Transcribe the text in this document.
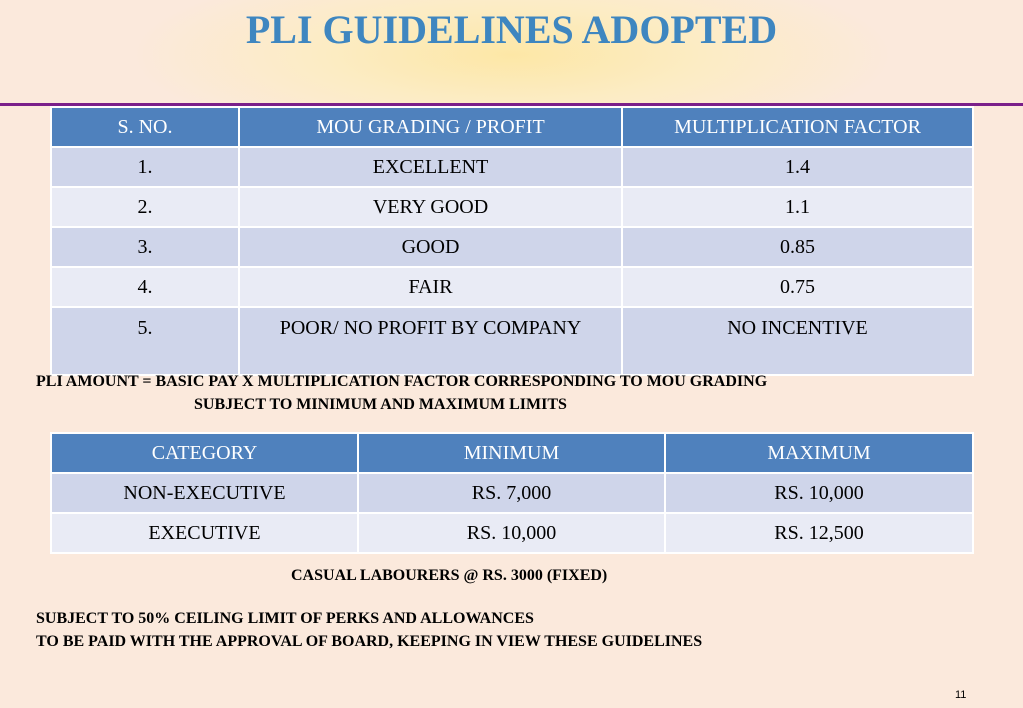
PLI GUIDELINES ADOPTED
S. NO.	MOU GRADING / PROFIT	MULTIPLICATION FACTOR
1.	EXCELLENT	1.4
2.	VERY GOOD	1.1
3.	GOOD	0.85
4.	FAIR	0.75
5.	POOR/ NO PROFIT BY COMPANY	NO INCENTIVE
PLI AMOUNT = BASIC PAY X MULTIPLICATION FACTOR CORRESPONDING TO MOU GRADING
SUBJECT TO MINIMUM AND MAXIMUM LIMITS
CATEGORY	MINIMUM	MAXIMUM
NON-EXECUTIVE	RS. 7,000	RS. 10,000
EXECUTIVE	RS. 10,000	RS. 12,500
CASUAL LABOURERS @ RS. 3000 (FIXED)
SUBJECT TO 50% CEILING LIMIT OF PERKS AND ALLOWANCES
TO BE PAID WITH THE APPROVAL OF BOARD, KEEPING IN VIEW THESE GUIDELINES
11
